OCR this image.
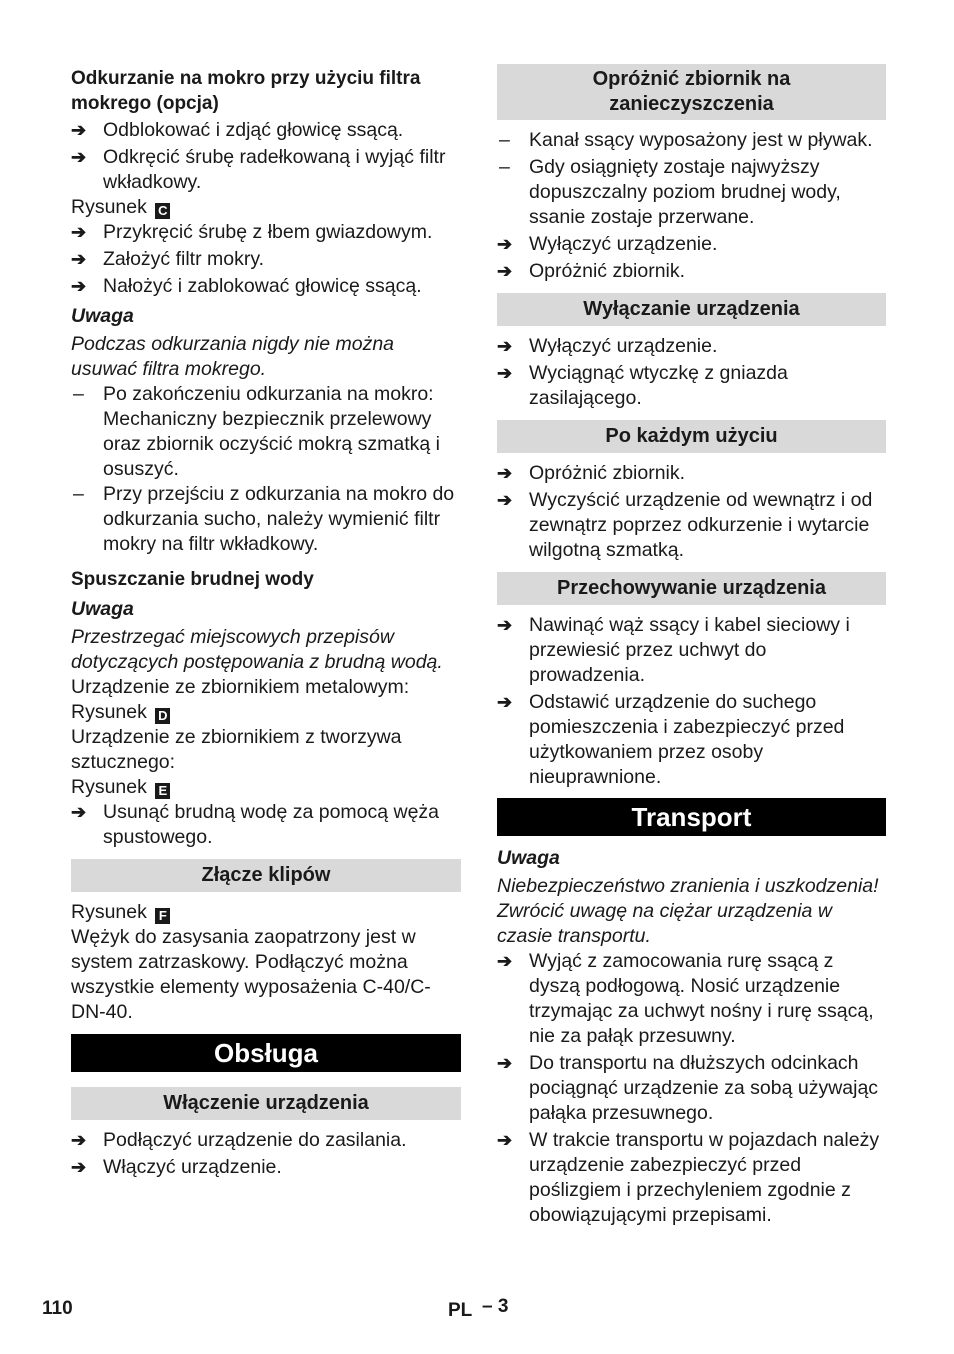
Odkurzanie na mokro przy użyciu filtra mokrego (opcja)
➔ Odblokować i zdjąć głowicę ssącą.
➔ Odkręcić śrubę radełkowaną i wyjąć filtr wkładkowy.
Rysunek C
➔ Przykręcić śrubę z łbem gwiazdowym.
➔ Założyć filtr mokry.
➔ Nałożyć i zablokować głowicę ssącą.
Uwaga
Podczas odkurzania nigdy nie można usuwać filtra mokrego.
– Po zakończeniu odkurzania na mokro: Mechaniczny bezpiecznik przelewowy oraz zbiornik oczyścić mokrą szmatką i osuszyć.
– Przy przejściu z odkurzania na mokro do odkurzania sucho, należy wymienić filtr mokry na filtr wkładkowy.
Spuszczanie brudnej wody
Uwaga
Przestrzegać miejscowych przepisów dotyczących postępowania z brudną wodą.
Urządzenie ze zbiornikiem metalowym:
Rysunek D
Urządzenie ze zbiornikiem z tworzywa sztucznego:
Rysunek E
➔ Usunąć brudną wodę za pomocą węża spustowego.
Złącze klipów
Rysunek F
Wężyk do zasysania zaopatrzony jest w system zatrzaskowy. Podłączyć można wszystkie elementy wyposażenia C-40/C-DN-40.
Obsługa
Włączenie urządzenia
➔ Podłączyć urządzenie do zasilania.
➔ Włączyć urządzenie.
Opróżnić zbiornik na zanieczyszczenia
– Kanał ssący wyposażony jest w pływak.
– Gdy osiągnięty zostaje najwyższy dopuszczalny poziom brudnej wody, ssanie zostaje przerwane.
➔ Wyłączyć urządzenie.
➔ Opróżnić zbiornik.
Wyłączanie urządzenia
➔ Wyłączyć urządzenie.
➔ Wyciągnąć wtyczkę z gniazda zasilającego.
Po każdym użyciu
➔ Opróżnić zbiornik.
➔ Wyczyścić urządzenie od wewnątrz i od zewnątrz poprzez odkurzenie i wytarcie wilgotną szmatką.
Przechowywanie urządzenia
➔ Nawinąć wąż ssący i kabel sieciowy i przewiesić przez uchwyt do prowadzenia.
➔ Odstawić urządzenie do suchego pomieszczenia i zabezpieczyć przed użytkowaniem przez osoby nieuprawnione.
Transport
Uwaga
Niebezpieczeństwo zranienia i uszkodzenia! Zwrócić uwagę na ciężar urządzenia w czasie transportu.
➔ Wyjąć z zamocowania rurę ssącą z dyszą podłogową. Nosić urządzenie trzymając za uchwyt nośny i rurę ssącą, nie za pałąk przesuwny.
➔ Do transportu na dłuższych odcinkach pociągnąć urządzenie za sobą używając pałąka przesuwnego.
➔ W trakcie transportu w pojazdach należy urządzenie zabezpieczyć przed poślizgiem i przechyleniem zgodnie z obowiązującymi przepisami.
110	PL – 3
